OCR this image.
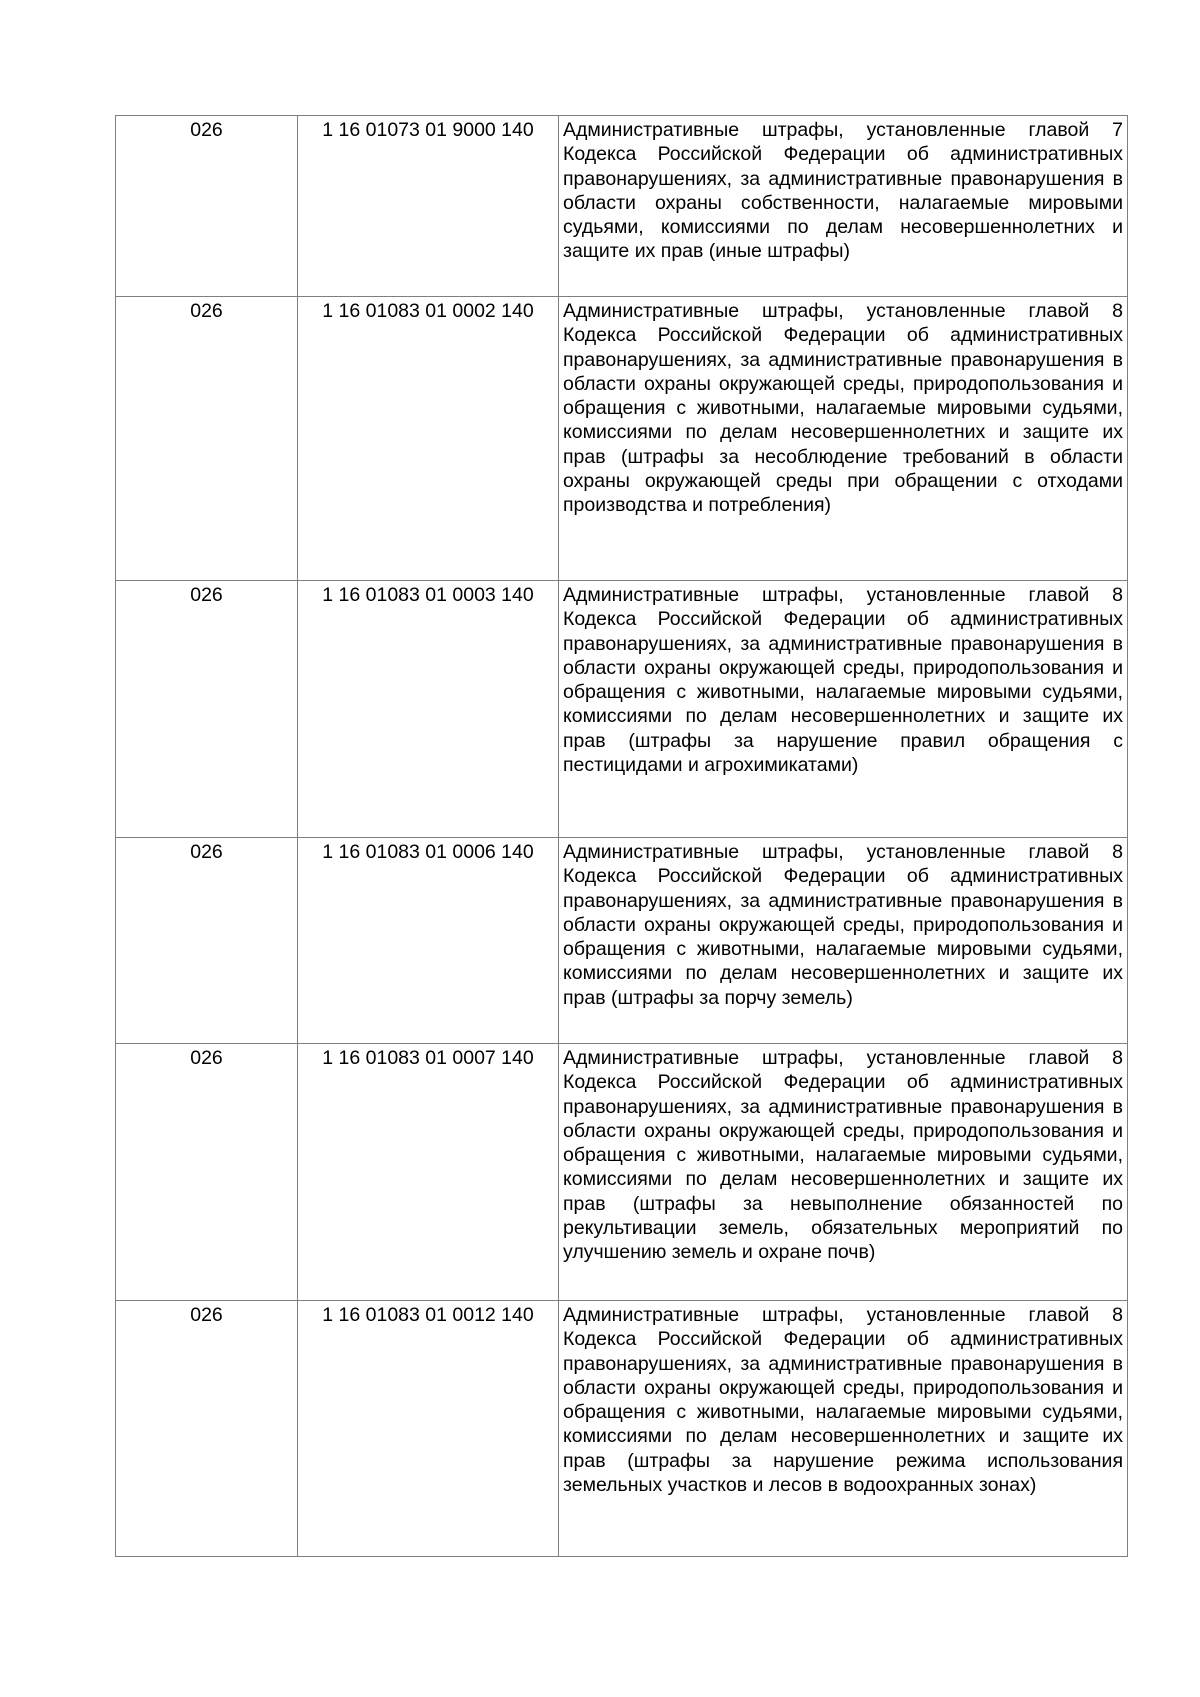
026	1 16 01073 01 9000 140	Административные штрафы, установленные главой 7 Кодекса Российской Федерации об административных правонарушениях, за административные правонарушения в области охраны собственности, налагаемые мировыми судьями, комиссиями по делам несовершеннолетних и защите их прав (иные штрафы)
026	1 16 01083 01 0002 140	Административные штрафы, установленные главой 8 Кодекса Российской Федерации об административных правонарушениях, за административные правонарушения в области охраны окружающей среды, природопользования и обращения с животными, налагаемые мировыми судьями, комиссиями по делам несовершеннолетних и защите их прав (штрафы за несоблюдение требований в области охраны окружающей среды при обращении с отходами производства и потребления)
026	1 16 01083 01 0003 140	Административные штрафы, установленные главой 8 Кодекса Российской Федерации об административных правонарушениях, за административные правонарушения в области охраны окружающей среды, природопользования и обращения с животными, налагаемые мировыми судьями, комиссиями по делам несовершеннолетних и защите их прав (штрафы за нарушение правил обращения с пестицидами и агрохимикатами)
026	1 16 01083 01 0006 140	Административные штрафы, установленные главой 8 Кодекса Российской Федерации об административных правонарушениях, за административные правонарушения в области охраны окружающей среды, природопользования и обращения с животными, налагаемые мировыми судьями, комиссиями по делам несовершеннолетних и защите их прав (штрафы за порчу земель)
026	1 16 01083 01 0007 140	Административные штрафы, установленные главой 8 Кодекса Российской Федерации об административных правонарушениях, за административные правонарушения в области охраны окружающей среды, природопользования и обращения с животными, налагаемые мировыми судьями, комиссиями по делам несовершеннолетних и защите их прав (штрафы за невыполнение обязанностей по рекультивации земель, обязательных мероприятий по улучшению земель и охране почв)
026	1 16 01083 01 0012 140	Административные штрафы, установленные главой 8 Кодекса Российской Федерации об административных правонарушениях, за административные правонарушения в области охраны окружающей среды, природопользования и обращения с животными, налагаемые мировыми судьями, комиссиями по делам несовершеннолетних и защите их прав (штрафы за нарушение режима использования земельных участков и лесов в водоохранных зонах)
